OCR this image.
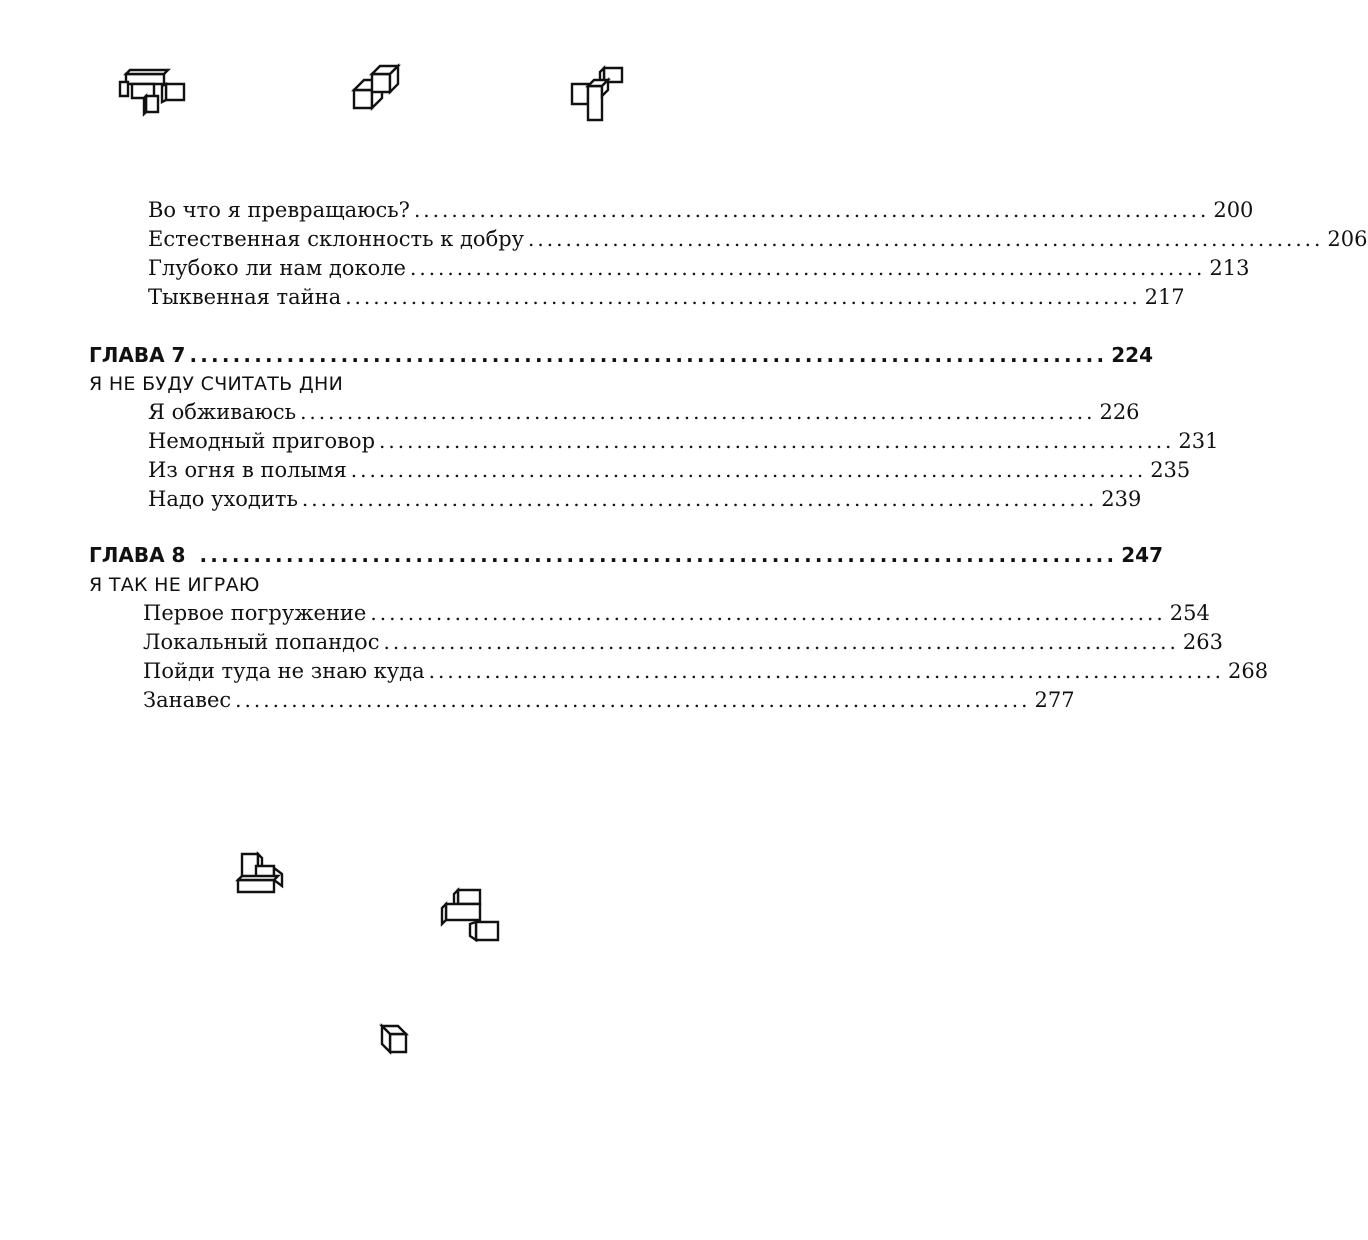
Во что я превращаюсь? ..................................................................................... 200
Естественная склонность к добру ..................................................................................... 206
Глубоко ли нам доколе ..................................................................................... 213
Тыквенная тайна ..................................................................................... 217
ГЛАВА 7 ..................................................................................... 224
Я НЕ БУДУ СЧИТАТЬ ДНИ
Я обживаюсь ..................................................................................... 226
Немодный приговор ..................................................................................... 231
Из огня в полымя ..................................................................................... 235
Надо уходить ..................................................................................... 239
ГЛАВА 8 ..................................................................................... 247
Я ТАК НЕ ИГРАЮ
Первое погружение ..................................................................................... 254
Локальный попандос ..................................................................................... 263
Пойди туда не знаю куда ..................................................................................... 268
Занавес ..................................................................................... 277
